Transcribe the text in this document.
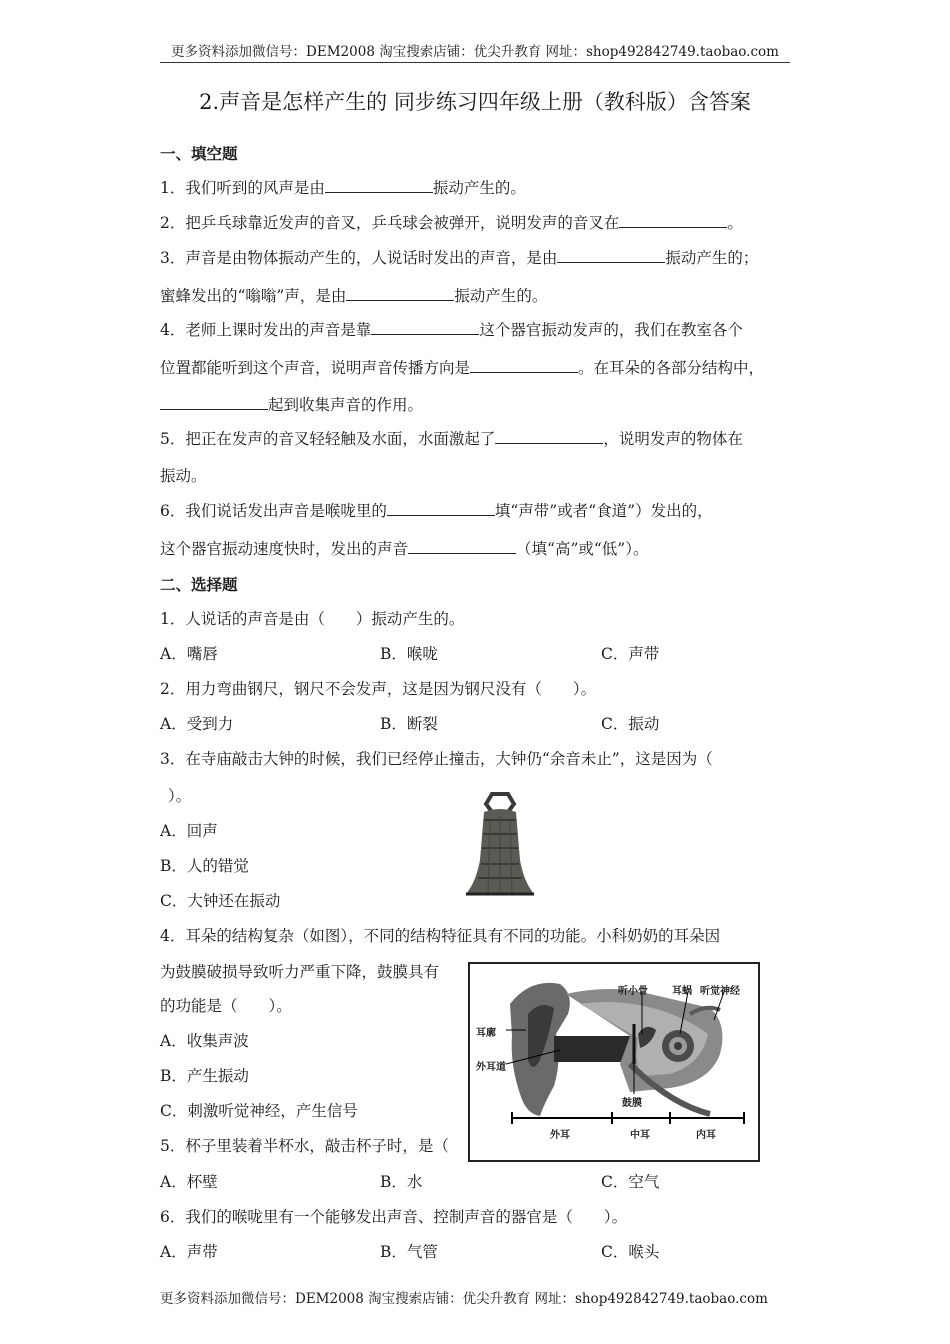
更多资料添加微信号：DEM2008 淘宝搜索店铺：优尖升教育 网址：shop492842749.taobao.com
2.声音是怎样产生的 同步练习四年级上册（教科版）含答案
一、填空题
1．我们听到的风声是由	振动产生的。
2．把乒乓球靠近发声的音叉，乒乓球会被弹开，说明发声的音叉在	。
3．声音是由物体振动产生的，人说话时发出的声音，是由	振动产生的；
蜜蜂发出的“嗡嗡”声，是由	振动产生的。
4．老师上课时发出的声音是靠	这个器官振动发声的，我们在教室各个
位置都能听到这个声音，说明声音传播方向是	。在耳朵的各部分结构中，
起到收集声音的作用。
5．把正在发声的音叉轻轻触及水面，水面激起了	，说明发声的物体在
振动。
6．我们说话发出声音是喉咙里的	填“声带”或者“食道”）发出的，
这个器官振动速度快时，发出的声音	（填“高”或“低”）。
二、选择题
1．人说话的声音是由（　　）振动产生的。
A．嘴唇	B．喉咙	C．声带
2．用力弯曲钢尺，钢尺不会发声，这是因为钢尺没有（　　）。
A．受到力	B．断裂	C．振动
3．在寺庙敲击大钟的时候，我们已经停止撞击，大钟仍“余音未止”，这是因为（
）。
A．回声
B．人的错觉
C．大钟还在振动
4．耳朵的结构复杂（如图），不同的结构特征具有不同的功能。小科奶奶的耳朵因
为鼓膜破损导致听力严重下降，鼓膜具有
的功能是（　　）。
A．收集声波
B．产生振动
C．刺激听觉神经，产生信号
听小骨 耳蜗 听觉神经
耳廓
外耳道
鼓膜
外耳	中耳	内耳
5．杯子里装着半杯水，敲击杯子时，是（
A．杯壁	B．水	C．空气
6．我们的喉咙里有一个能够发出声音、控制声音的器官是（　　）。
A．声带	B．气管	C．喉头
更多资料添加微信号：DEM2008 淘宝搜索店铺：优尖升教育 网址：shop492842749.taobao.com
